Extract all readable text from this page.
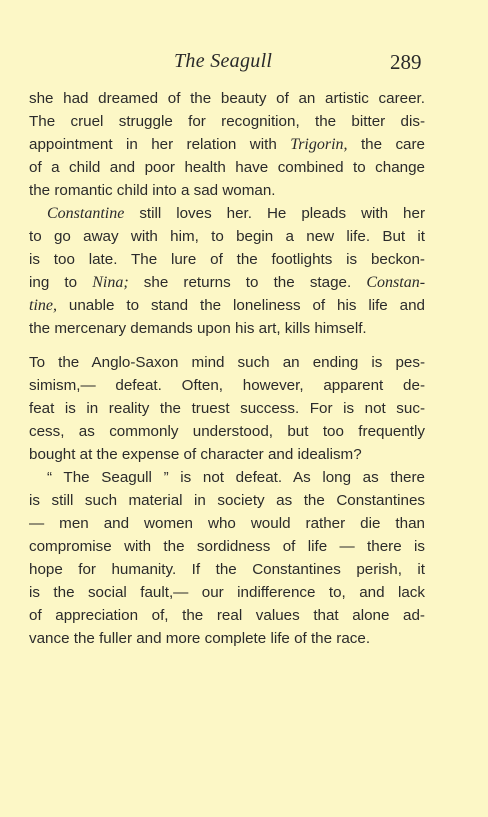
The Seagull	289
she had dreamed of the beauty of an artistic career.
The cruel struggle for recognition, the bitter dis-
appointment in her relation with Trigorin, the care
of a child and poor health have combined to change
the romantic child into a sad woman.
Constantine still loves her. He pleads with her
to go away with him, to begin a new life. But it
is too late. The lure of the footlights is beckon-
ing to Nina; she returns to the stage. Constan-
tine, unable to stand the loneliness of his life and
the mercenary demands upon his art, kills himself.
To the Anglo-Saxon mind such an ending is pes-
simism,— defeat. Often, however, apparent de-
feat is in reality the truest success. For is not suc-
cess, as commonly understood, but too frequently
bought at the expense of character and idealism?
“ The Seagull ” is not defeat. As long as there
is still such material in society as the Constantines
— men and women who would rather die than
compromise with the sordidness of life — there is
hope for humanity. If the Constantines perish, it
is the social fault,— our indifference to, and lack
of appreciation of, the real values that alone ad-
vance the fuller and more complete life of the race.
